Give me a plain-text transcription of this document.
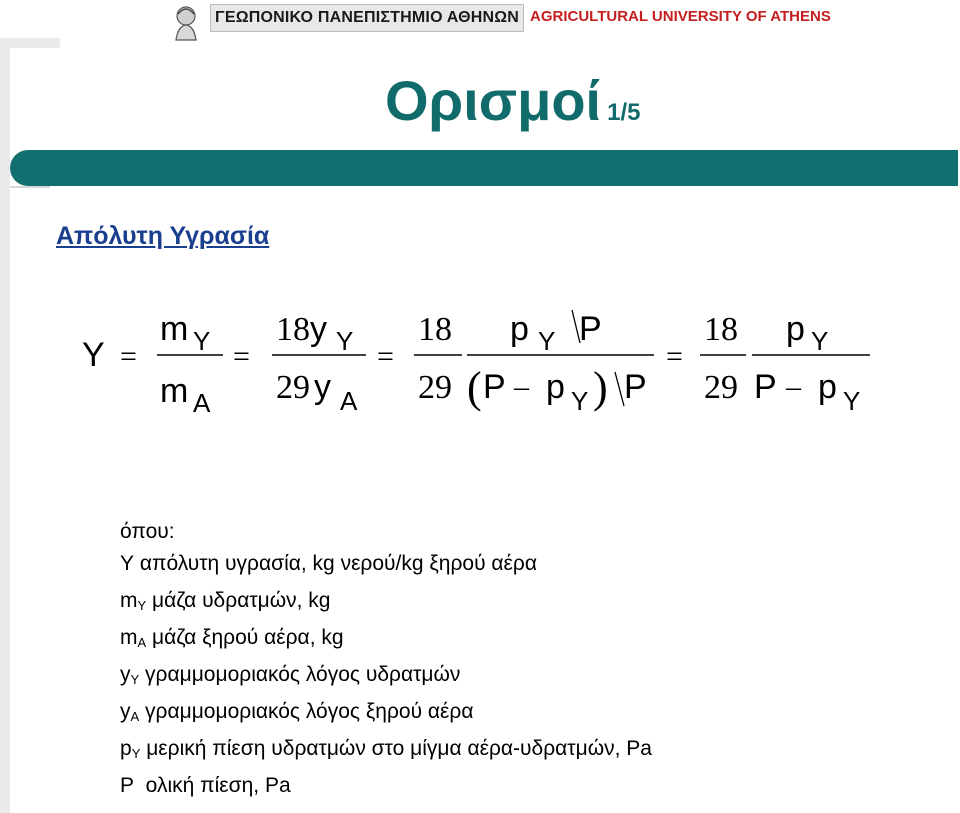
ΓΕΩΠΟΝΙΚΟ ΠΑΝΕΠΙΣΤΗΜΙΟ ΑΘΗΝΩΝ AGRICULTURAL UNIVERSITY OF ATHENS
Ορισμοί 1/5
Απόλυτη Υγρασία
Y =
m Y
m A
=
18 y Y
29 y A
=
18
29
p Y P
( P – p Y ) P
=
18
29
p Y
P – p Y
όπου:
Y απόλυτη υγρασία, kg νερού/kg ξηρού αέρα
$m_Y$ μάζα υδρατμών, kg
$m_A$ μάζα ξηρού αέρα, kg
$y_Y$ γραμμομοριακός λόγος υδρατμών
$y_A$ γραμμομοριακός λόγος ξηρού αέρα
$p_Y$ μερική πίεση υδρατμών στο μίγμα αέρα-υδρατμών, Pa
P  ολική πίεση, Pa
